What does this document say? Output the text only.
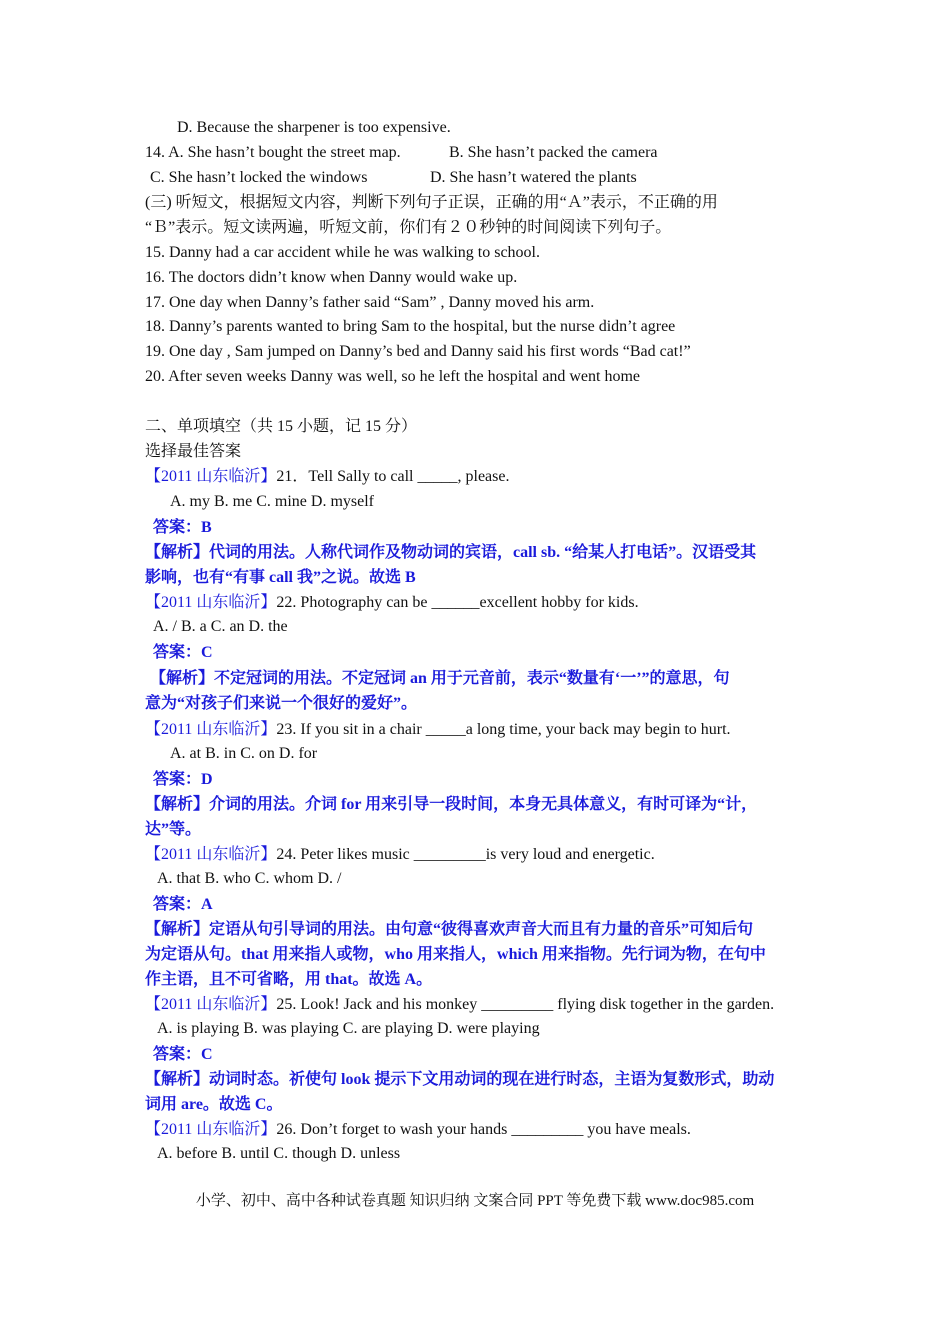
D. Because the sharpener is too expensive.
14. A. She hasn’t bought the street map.	B. She hasn’t packed the camera
C. She hasn’t locked the windows	D. She hasn’t watered the plants
(三) 听短文，根据短文内容，判断下列句子正误，正确的用“Ａ”表示，不正确的用
“Ｂ”表示。短文读两遍，听短文前，你们有２０秒钟的时间阅读下列句子。
15. Danny had a car accident while he was walking to school.
16. The doctors didn’t know when Danny would wake up.
17. One day when Danny’s father said “Sam” , Danny moved his arm.
18. Danny’s parents wanted to bring Sam to the hospital, but the nurse didn’t agree
19. One day , Sam jumped on Danny’s bed and Danny said his first words “Bad cat!”
20. After seven weeks Danny was well, so he left the hospital and went home
二、单项填空（共 15 小题，记 15 分）
选择最佳答案
【2011 山东临沂】21．Tell Sally to call _____, please.
A. my B. me C. mine D. myself
答案：B
【解析】代词的用法。人称代词作及物动词的宾语，call sb. “给某人打电话”。汉语受其
影响，也有“有事 call 我”之说。故选 B
【2011 山东临沂】22. Photography can be ______excellent hobby for kids.
A. / B. a C. an D. the
答案：C
【解析】不定冠词的用法。不定冠词 an 用于元音前，表示“数量有‘一’”的意思，句
意为“对孩子们来说一个很好的爱好”。
【2011 山东临沂】23. If you sit in a chair _____a long time, your back may begin to hurt.
A. at B. in C. on D. for
答案：D
【解析】介词的用法。介词 for 用来引导一段时间，本身无具体意义，有时可译为“计，
达”等。
【2011 山东临沂】24. Peter likes music _________is very loud and energetic.
A. that B. who C. whom D. /
答案：A
【解析】定语从句引导词的用法。由句意“彼得喜欢声音大而且有力量的音乐”可知后句
为定语从句。that 用来指人或物，who 用来指人，which 用来指物。先行词为物，在句中
作主语，且不可省略，用 that。故选 A。
【2011 山东临沂】25. Look! Jack and his monkey _________ flying disk together in the garden.
A. is playing B. was playing C. are playing D. were playing
答案：C
【解析】动词时态。祈使句 look 提示下文用动词的现在进行时态，主语为复数形式，助动
词用 are。故选 C。
【2011 山东临沂】26. Don’t forget to wash your hands _________ you have meals.
A. before B. until C. though D. unless
小学、初中、高中各种试卷真题 知识归纳 文案合同 PPT 等免费下载 www.doc985.com
